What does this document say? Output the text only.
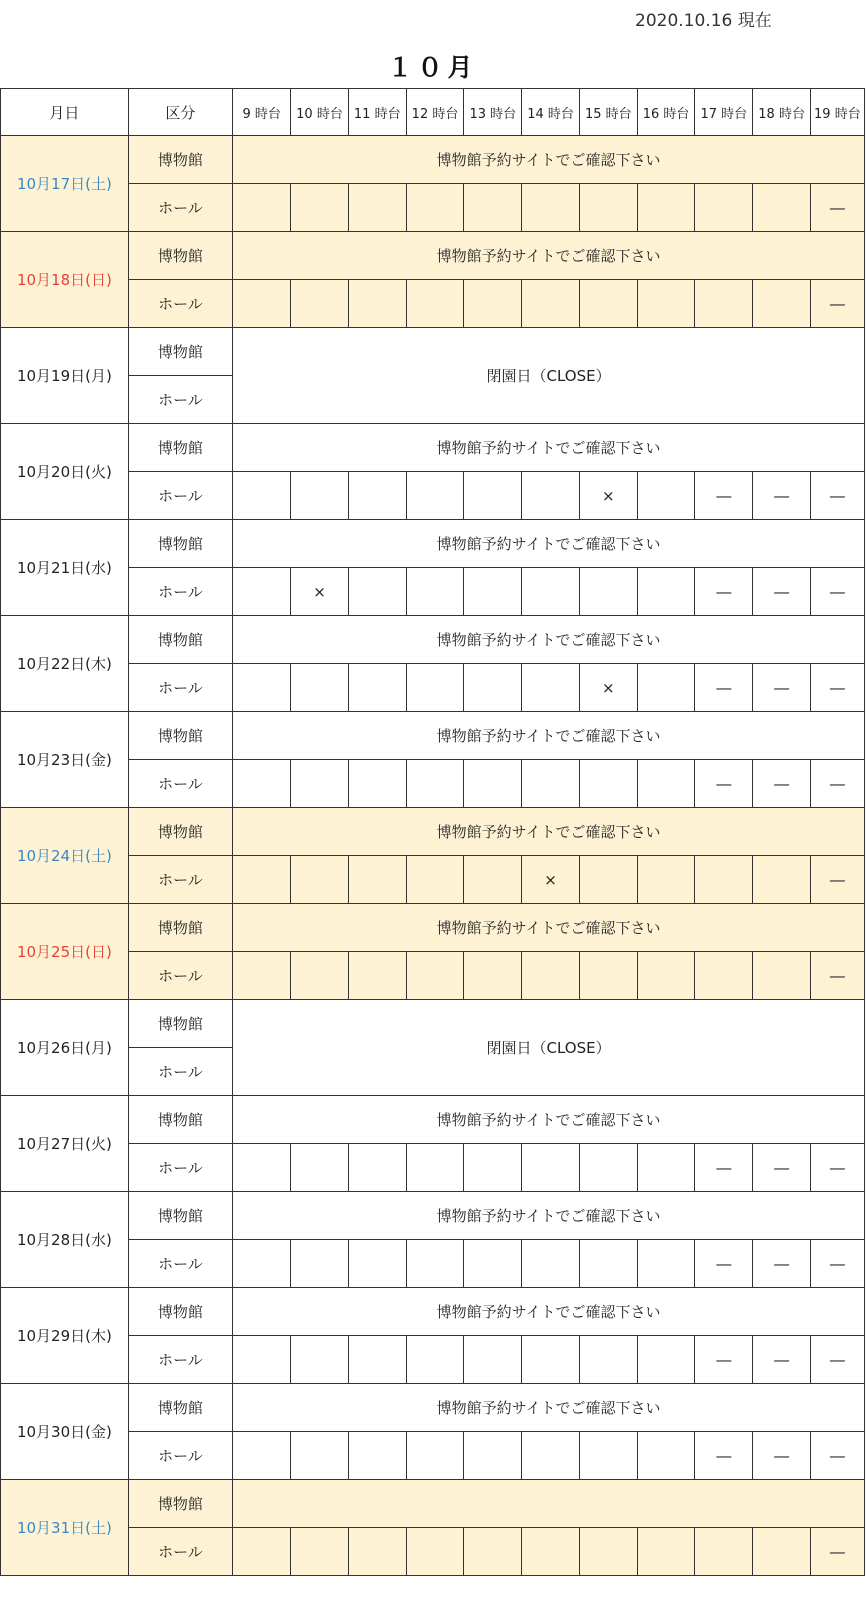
2020.10.16 現在
１０月
月日	区分	9 時台	10 時台	11 時台	12 時台	13 時台	14 時台	15 時台	16 時台	17 時台	18 時台	19 時台
10月17日(土)	博物館	博物館予約サイトでご確認下さい										
	ホール											―
10月18日(日)	博物館	博物館予約サイトでご確認下さい										
	ホール											―
10月19日(月)	博物館	閉園日（CLOSE）										
	ホール											
10月20日(火)	博物館	博物館予約サイトでご確認下さい										
	ホール							×		―	―	―
10月21日(水)	博物館	博物館予約サイトでご確認下さい										
	ホール		×							―	―	―
10月22日(木)	博物館	博物館予約サイトでご確認下さい										
	ホール							×		―	―	―
10月23日(金)	博物館	博物館予約サイトでご確認下さい										
	ホール									―	―	―
10月24日(土)	博物館	博物館予約サイトでご確認下さい										
	ホール						×					―
10月25日(日)	博物館	博物館予約サイトでご確認下さい										
	ホール											―
10月26日(月)	博物館	閉園日（CLOSE）										
	ホール											
10月27日(火)	博物館	博物館予約サイトでご確認下さい										
	ホール									―	―	―
10月28日(水)	博物館	博物館予約サイトでご確認下さい										
	ホール									―	―	―
10月29日(木)	博物館	博物館予約サイトでご確認下さい										
	ホール									―	―	―
10月30日(金)	博物館	博物館予約サイトでご確認下さい										
	ホール									―	―	―
10月31日(土)	博物館											
	ホール											―
